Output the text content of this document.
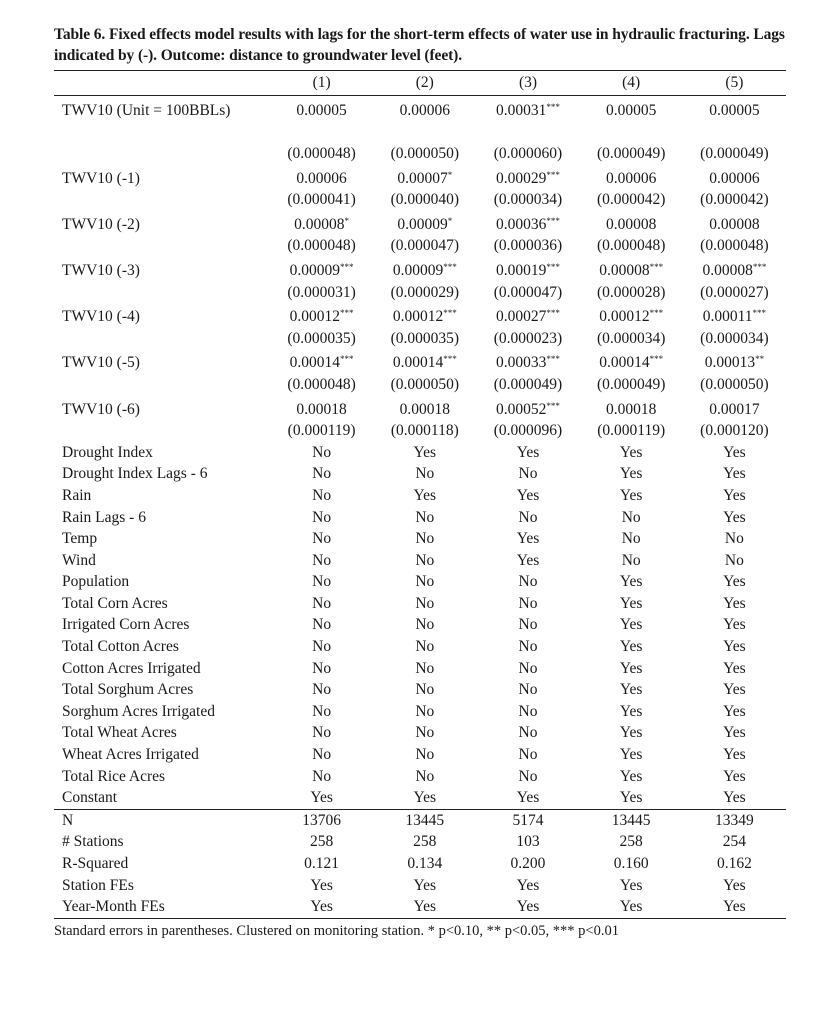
Table 6. Fixed effects model results with lags for the short-term effects of water use in hydraulic fracturing. Lags indicated by (-). Outcome: distance to groundwater level (feet).
	(1)	(2)	(3)	(4)	(5)
TWV10 (Unit = 100BBLs)	0.00005	0.00006	0.00031***	0.00005	0.00005
	(0.000048)	(0.000050)	(0.000060)	(0.000049)	(0.000049)
TWV10 (-1)	0.00006	0.00007*	0.00029***	0.00006	0.00006
	(0.000041)	(0.000040)	(0.000034)	(0.000042)	(0.000042)
TWV10 (-2)	0.00008*	0.00009*	0.00036***	0.00008	0.00008
	(0.000048)	(0.000047)	(0.000036)	(0.000048)	(0.000048)
TWV10 (-3)	0.00009***	0.00009***	0.00019***	0.00008***	0.00008***
	(0.000031)	(0.000029)	(0.000047)	(0.000028)	(0.000027)
TWV10 (-4)	0.00012***	0.00012***	0.00027***	0.00012***	0.00011***
	(0.000035)	(0.000035)	(0.000023)	(0.000034)	(0.000034)
TWV10 (-5)	0.00014***	0.00014***	0.00033***	0.00014***	0.00013**
	(0.000048)	(0.000050)	(0.000049)	(0.000049)	(0.000050)
TWV10 (-6)	0.00018	0.00018	0.00052***	0.00018	0.00017
	(0.000119)	(0.000118)	(0.000096)	(0.000119)	(0.000120)
Drought Index	No	Yes	Yes	Yes	Yes
Drought Index Lags - 6	No	No	No	Yes	Yes
Rain	No	Yes	Yes	Yes	Yes
Rain Lags - 6	No	No	No	No	Yes
Temp	No	No	Yes	No	No
Wind	No	No	Yes	No	No
Population	No	No	No	Yes	Yes
Total Corn Acres	No	No	No	Yes	Yes
Irrigated Corn Acres	No	No	No	Yes	Yes
Total Cotton Acres	No	No	No	Yes	Yes
Cotton Acres Irrigated	No	No	No	Yes	Yes
Total Sorghum Acres	No	No	No	Yes	Yes
Sorghum Acres Irrigated	No	No	No	Yes	Yes
Total Wheat Acres	No	No	No	Yes	Yes
Wheat Acres Irrigated	No	No	No	Yes	Yes
Total Rice Acres	No	No	No	Yes	Yes
Constant	Yes	Yes	Yes	Yes	Yes
N	13706	13445	5174	13445	13349
# Stations	258	258	103	258	254
R-Squared	0.121	0.134	0.200	0.160	0.162
Station FEs	Yes	Yes	Yes	Yes	Yes
Year-Month FEs	Yes	Yes	Yes	Yes	Yes
Standard errors in parentheses. Clustered on monitoring station. * p<0.10, ** p<0.05, *** p<0.01
